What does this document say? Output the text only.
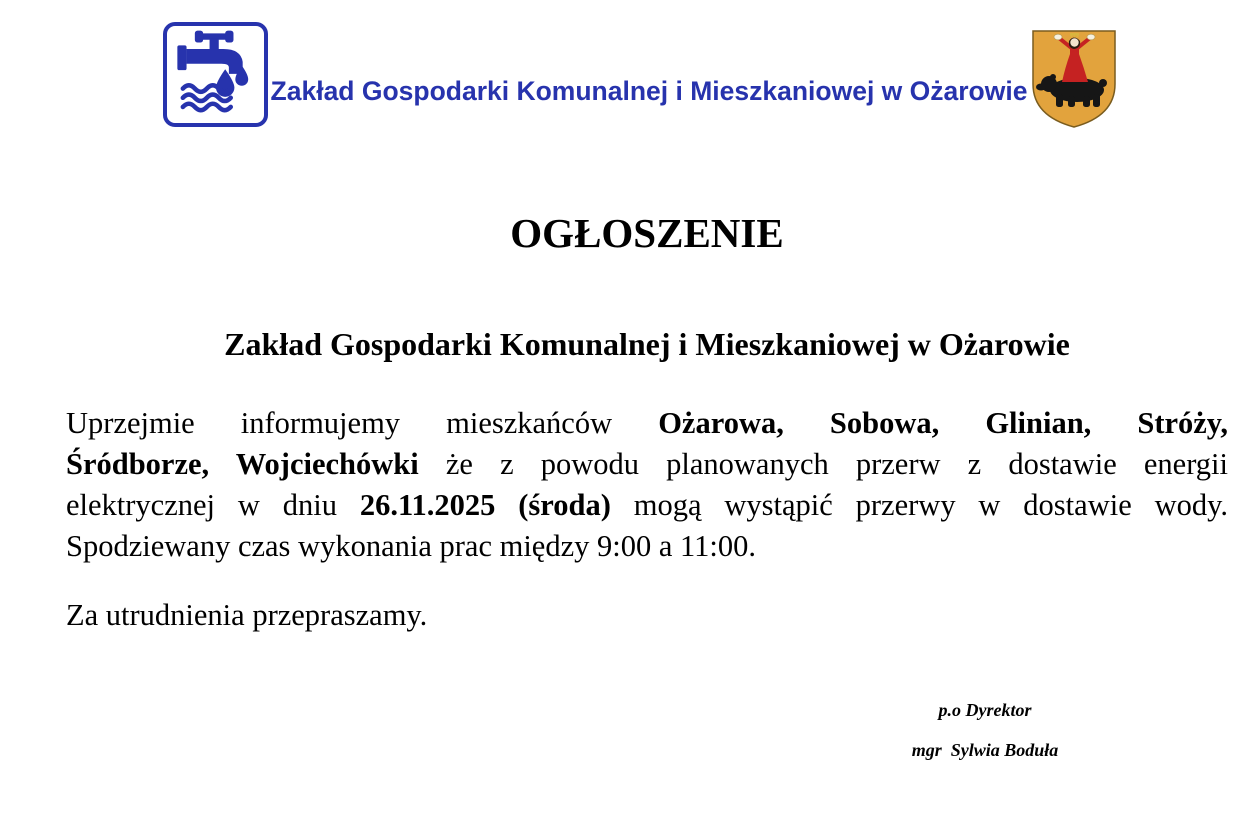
Zakład Gospodarki Komunalnej i Mieszkaniowej w Ożarowie
OGŁOSZENIE
Zakład Gospodarki Komunalnej i Mieszkaniowej w Ożarowie
Uprzejmie informujemy mieszkańców Ożarowa, Sobowa, Glinian, Stróży,
Śródborze, Wojciechówki że z powodu planowanych przerw z dostawie energii
elektrycznej w dniu 26.11.2025 (środa) mogą wystąpić przerwy w dostawie wody.
Spodziewany czas wykonania prac między 9:00 a 11:00.
Za utrudnienia przepraszamy.
p.o Dyrektor
mgr  Sylwia Boduła
